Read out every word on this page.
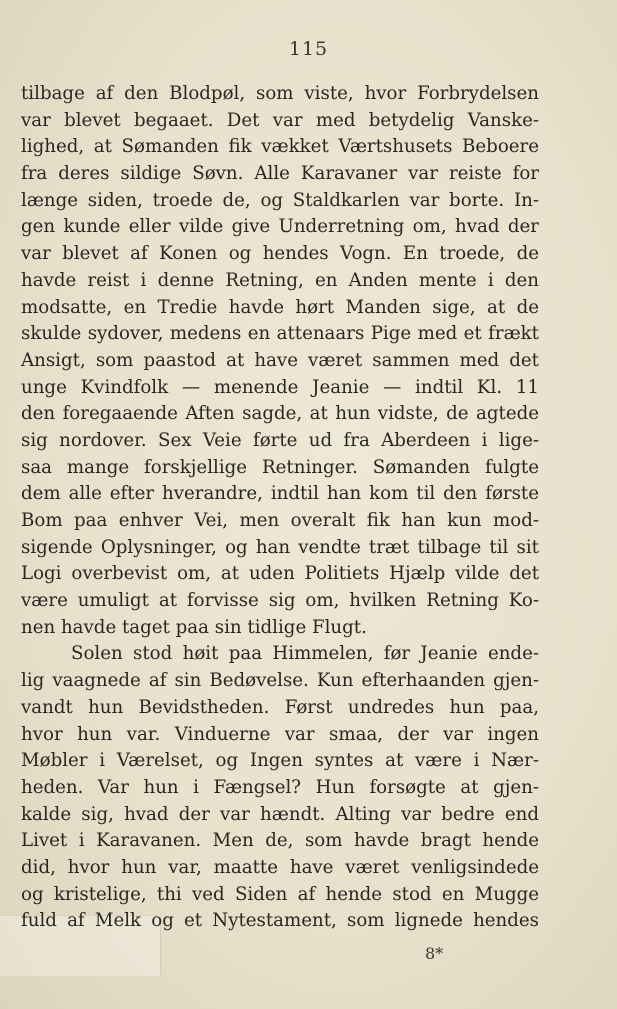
115
tilbage af den Blodpøl, som viste, hvor Forbrydelsen
var blevet begaaet. Det var med betydelig Vanske-
lighed, at Sømanden fik vækket Værtshusets Beboere
fra deres sildige Søvn. Alle Karavaner var reiste for
længe siden, troede de, og Staldkarlen var borte. In-
gen kunde eller vilde give Underretning om, hvad der
var blevet af Konen og hendes Vogn. En troede, de
havde reist i denne Retning, en Anden mente i den
modsatte, en Tredie havde hørt Manden sige, at de
skulde sydover, medens en attenaars Pige med et frækt
Ansigt, som paastod at have været sammen med det
unge Kvindfolk — menende Jeanie — indtil Kl. 11
den foregaaende Aften sagde, at hun vidste, de agtede
sig nordover. Sex Veie førte ud fra Aberdeen i lige-
saa mange forskjellige Retninger. Sømanden fulgte
dem alle efter hverandre, indtil han kom til den første
Bom paa enhver Vei, men overalt fik han kun mod-
sigende Oplysninger, og han vendte træt tilbage til sit
Logi overbevist om, at uden Politiets Hjælp vilde det
være umuligt at forvisse sig om, hvilken Retning Ko-
nen havde taget paa sin tidlige Flugt.
Solen stod høit paa Himmelen, før Jeanie ende-
lig vaagnede af sin Bedøvelse. Kun efterhaanden gjen-
vandt hun Bevidstheden. Først undredes hun paa,
hvor hun var. Vinduerne var smaa, der var ingen
Møbler i Værelset, og Ingen syntes at være i Nær-
heden. Var hun i Fængsel? Hun forsøgte at gjen-
kalde sig, hvad der var hændt. Alting var bedre end
Livet i Karavanen. Men de, som havde bragt hende
did, hvor hun var, maatte have været venligsindede
og kristelige, thi ved Siden af hende stod en Mugge
fuld af Melk og et Nytestament, som lignede hendes
8*
